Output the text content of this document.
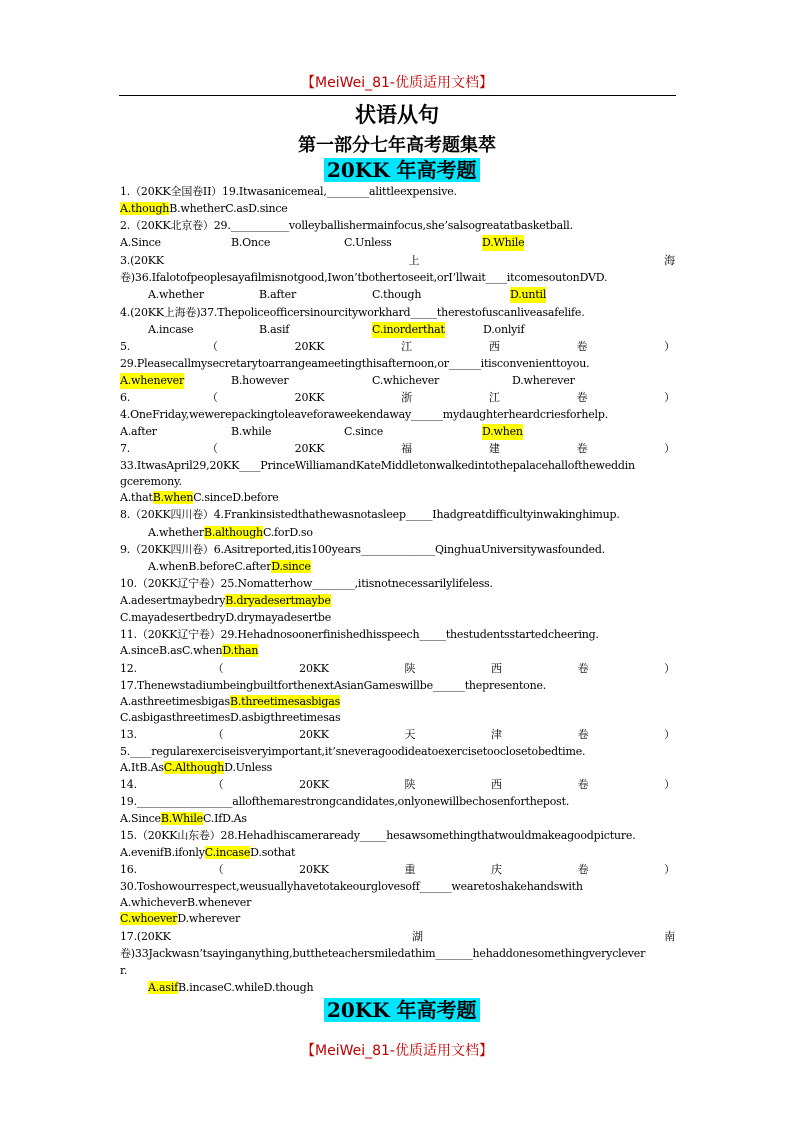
【MeiWei_81-优质适用文档】
状语从句
第一部分七年高考题集萃
20KK 年高考题
1.（20KK全国卷II）19.Itwasanicemeal,________alittleexpensive.
A.thoughB.whetherC.asD.since
2.（20KK北京卷）29.___________volleyballishermainfocus,she’salsogreatatbasketball.
A.Since	B.Once	C.Unless	D.While
3.(20KK	上	海
卷)36.Ifalotofpeoplesayafilmisnotgood,Iwon’tbothertoseeit,orI’llwait____itcomesoutonDVD.
A.whether	B.after	C.though	D.until
4.(20KK上海卷)37.Thepoliceofficersinourcityworkhard_____therestofuscanliveasafelife.
A.incase	B.asif	C.inorderthat	D.onlyif
5.	（	20KK	江	西	卷	）
29.Pleasecallmysecretarytoarrangeameetingthisafternoon,or______itisconvenienttoyou.
A.whenever	B.however	C.whichever	D.wherever
6.	（	20KK	浙	江	卷	）
4.OneFriday,wewerepackingtoleaveforaweekendaway______mydaughterheardcriesforhelp.
A.after	B.while	C.since	D.when
7.	（	20KK	福	建	卷	）
33.ItwasApril29,20KK____PrinceWilliamandKateMiddletonwalkedintothepalacehalloftheweddin
gceremony.
A.thatB.whenC.sinceD.before
8.（20KK四川卷）4.Frankinsistedthathewasnotasleep_____Ihadgreatdifficultyinwakinghimup.
A.whetherB.althoughC.forD.so
9.（20KK四川卷）6.Asitreported,itis100years______________QinghuaUniversitywasfounded.
A.whenB.beforeC.afterD.since
10.（20KK辽宁卷）25.Nomatterhow________,itisnotnecessarilylifeless.
A.adesertmaybedryB.dryadesertmaybe
C.mayadesertbedryD.drymayadesertbe
11.（20KK辽宁卷）29.Hehadnosoonerfinishedhisspeech_____thestudentsstartedcheering.
A.sinceB.asC.whenD.than
12.	（	20KK	陕	西	卷	）
17.ThenewstadiumbeingbuiltforthenextAsianGameswillbe______thepresentone.
A.asthreetimesbigasB.threetimesasbigas
C.asbigasthreetimesD.asbigthreetimesas
13.	（	20KK	天	津	卷	）
5.____regularexerciseisveryimportant,it’sneveragoodideatoexercisetooclosetobedtime.
A.ItB.AsC.AlthoughD.Unless
14.	（	20KK	陕	西	卷	）
19.__________________allofthemarestrongcandidates,onlyonewillbechosenforthepost.
A.SinceB.WhileC.IfD.As
15.（20KK山东卷）28.Hehadhiscameraready_____hesawsomethingthatwouldmakeagoodpicture.
A.evenifB.ifonlyC.incaseD.sothat
16.	（	20KK	重	庆	卷	）
30.Toshowourrespect,weusuallyhavetotakeourglovesoff______wearetoshakehandswith
A.whicheverB.whenever
C.whoeverD.wherever
17.(20KK	湖	南
卷)33Jackwasn’tsayinganything,buttheteachersmiledathim_______hehaddonesomethingveryclever
r.
A.asifB.incaseC.whileD.though
20KK 年高考题
【MeiWei_81-优质适用文档】
